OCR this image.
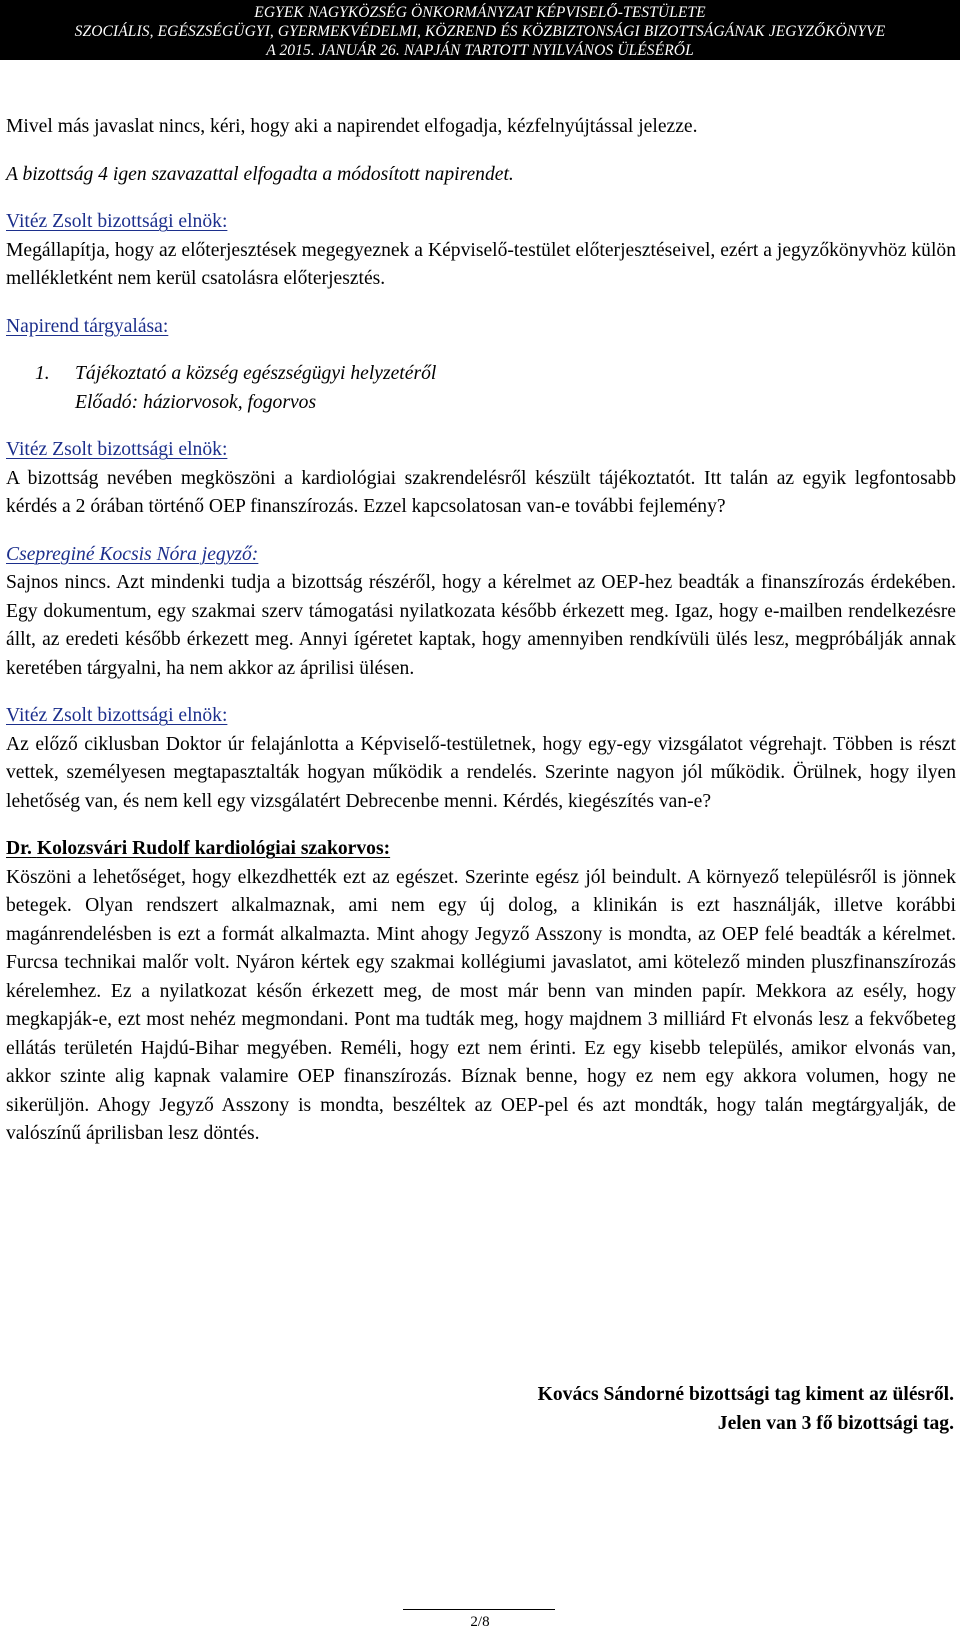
EGYEK NAGYKÖZSÉG ÖNKORMÁNYZAT KÉPVISELŐ-TESTÜLETE
SZOCIÁLIS, EGÉSZSÉGÜGYI, GYERMEKVÉDELMI, KÖZREND ÉS KÖZBIZTONSÁGI BIZOTTSÁGÁNAK JEGYZŐKÖNYVE
A 2015. JANUÁR 26. NAPJÁN TARTOTT NYILVÁNOS ÜLÉSÉRŐL

Mivel más javaslat nincs, kéri, hogy aki a napirendet elfogadja, kézfelnyújtással jelezze.

A bizottság 4 igen szavazattal elfogadta a módosított napirendet.

Vitéz Zsolt bizottsági elnök:
Megállapítja, hogy az előterjesztések megegyeznek a Képviselő-testület előterjesztéseivel, ezért a jegyzőkönyvhöz külön mellékletként nem kerül csatolásra előterjesztés.

Napirend tárgyalása:
1.	Tájékoztató a község egészségügyi helyzetéről
Előadó: háziorvosok, fogorvos

Vitéz Zsolt bizottsági elnök:
A bizottság nevében megköszöni a kardiológiai szakrendelésről készült tájékoztatót. Itt talán az egyik legfontosabb kérdés a 2 órában történő OEP finanszírozás. Ezzel kapcsolatosan van-e további fejlemény?

Csepreginé Kocsis Nóra jegyző:
Sajnos nincs. Azt mindenki tudja a bizottság részéről, hogy a kérelmet az OEP-hez beadták a finanszírozás érdekében. Egy dokumentum, egy szakmai szerv támogatási nyilatkozata később érkezett meg. Igaz, hogy e-mailben rendelkezésre állt, az eredeti később érkezett meg. Annyi ígéretet kaptak, hogy amennyiben rendkívüli ülés lesz, megpróbálják annak keretében tárgyalni, ha nem akkor az áprilisi ülésen.

Vitéz Zsolt bizottsági elnök:
Az előző ciklusban Doktor úr felajánlotta a Képviselő-testületnek, hogy egy-egy vizsgálatot végrehajt. Többen is részt vettek, személyesen megtapasztalták hogyan működik a rendelés. Szerinte nagyon jól működik. Örülnek, hogy ilyen lehetőség van, és nem kell egy vizsgálatért Debrecenbe menni. Kérdés, kiegészítés van-e?

Dr. Kolozsvári Rudolf kardiológiai szakorvos:
Köszöni a lehetőséget, hogy elkezdhették ezt az egészet. Szerinte egész jól beindult. A környező településről is jönnek betegek. Olyan rendszert alkalmaznak, ami nem egy új dolog, a klinikán is ezt használják, illetve korábbi magánrendelésben is ezt a formát alkalmazta. Mint ahogy Jegyző Asszony is mondta, az OEP felé beadták a kérelmet. Furcsa technikai malőr volt. Nyáron kértek egy szakmai kollégiumi javaslatot, ami kötelező minden pluszfinanszírozás kérelemhez. Ez a nyilatkozat későn érkezett meg, de most már benn van minden papír. Mekkora az esély, hogy megkapják-e, ezt most nehéz megmondani. Pont ma tudták meg, hogy majdnem 3 milliárd Ft elvonás lesz a fekvőbeteg ellátás területén Hajdú-Bihar megyében. Reméli, hogy ezt nem érinti. Ez egy kisebb település, amikor elvonás van, akkor szinte alig kapnak valamire OEP finanszírozás. Bíznak benne, hogy ez nem egy akkora volumen, hogy ne sikerüljön. Ahogy Jegyző Asszony is mondta, beszéltek az OEP-pel és azt mondták, hogy talán megtárgyalják, de valószínű áprilisban lesz döntés.

Kovács Sándorné bizottsági tag kiment az ülésről.
Jelen van 3 fő bizottsági tag.
2/8
